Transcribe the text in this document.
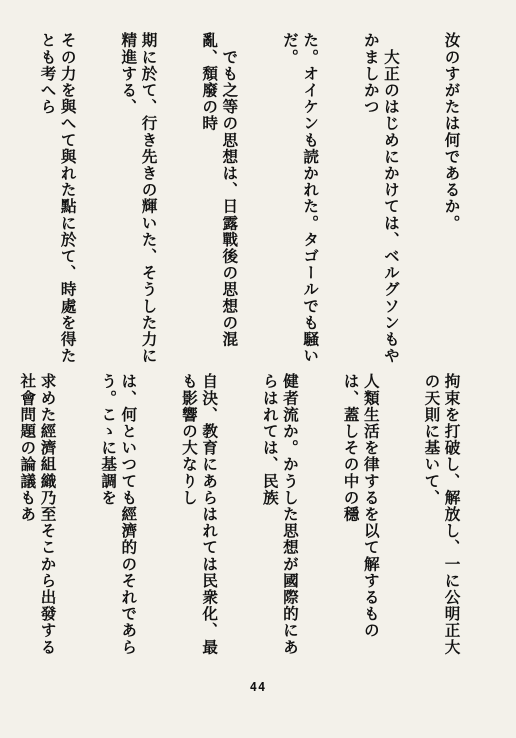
汝のすがたは何であるか。

　大正のはじめにかけては、ベルグソンもやかましかつ

た。オイケンも読かれた。タゴールでも騒いだ。

　でも之等の思想は、日露戰後の思想の混亂、頽廢の時

期に於て、行き先きの輝いた、そうした力に精進する、

その力を與へて與れた點に於て、時處を得たとも考へら

拘束を打破し、解放し、一に公明正大の天則に基いて、

人類生活を律するを以て解するものは、蓋しその中の穩

健者流か。かうした思想が國際的にあらはれては、民族

自決、教育にあらはれては民衆化、最も影響の大なりし

は、何といつても經濟的のそれであらう。こゝに基調を

求めた經濟組織乃至そこから出發する社會問題の論議もあ

44
